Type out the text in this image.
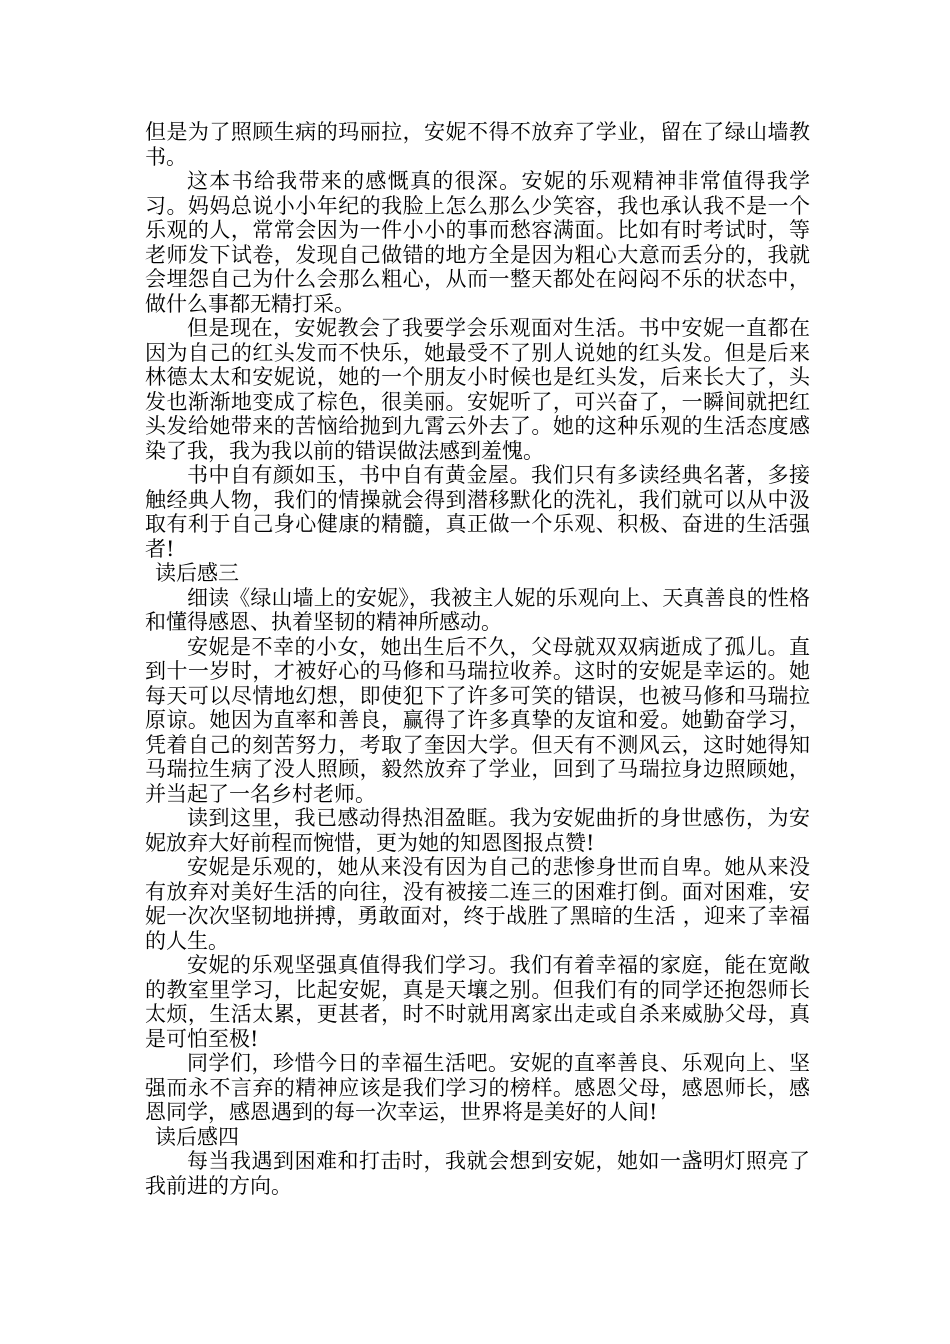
但是为了照顾生病的玛丽拉，安妮不得不放弃了学业，留在了绿山墙教书。

这本书给我带来的感慨真的很深。安妮的乐观精神非常值得我学习。妈妈总说小小年纪的我脸上怎么那么少笑容，我也承认我不是一个乐观的人，常常会因为一件小小的事而愁容满面。比如有时考试时，等老师发下试卷，发现自己做错的地方全是因为粗心大意而丢分的，我就会埋怨自己为什么会那么粗心，从而一整天都处在闷闷不乐的状态中，做什么事都无精打采。

但是现在，安妮教会了我要学会乐观面对生活。书中安妮一直都在因为自己的红头发而不快乐，她最受不了别人说她的红头发。但是后来林德太太和安妮说，她的一个朋友小时候也是红头发，后来长大了，头发也渐渐地变成了棕色，很美丽。安妮听了，可兴奋了，一瞬间就把红头发给她带来的苦恼给抛到九霄云外去了。她的这种乐观的生活态度感染了我，我为我以前的错误做法感到羞愧。

书中自有颜如玉，书中自有黄金屋。我们只有多读经典名著，多接触经典人物，我们的情操就会得到潜移默化的洗礼，我们就可以从中汲取有利于自己身心健康的精髓，真正做一个乐观、积极、奋进的生活强者!

读后感三

细读《绿山墙上的安妮》，我被主人妮的乐观向上、天真善良的性格和懂得感恩、执着坚韧的精神所感动。

安妮是不幸的小女，她出生后不久，父母就双双病逝成了孤儿。直到十一岁时，才被好心的马修和马瑞拉收养。这时的安妮是幸运的。她每天可以尽情地幻想，即使犯下了许多可笑的错误，也被马修和马瑞拉原谅。她因为直率和善良，赢得了许多真挚的友谊和爱。她勤奋学习，凭着自己的刻苦努力，考取了奎因大学。但天有不测风云，这时她得知马瑞拉生病了没人照顾，毅然放弃了学业，回到了马瑞拉身边照顾她，并当起了一名乡村老师。

读到这里，我已感动得热泪盈眶。我为安妮曲折的身世感伤，为安妮放弃大好前程而惋惜，更为她的知恩图报点赞!

安妮是乐观的，她从来没有因为自己的悲惨身世而自卑。她从来没有放弃对美好生活的向往，没有被接二连三的困难打倒。面对困难，安妮一次次坚韧地拼搏，勇敢面对，终于战胜了黑暗的生活 ，迎来了幸福的人生。

安妮的乐观坚强真值得我们学习。我们有着幸福的家庭，能在宽敞的教室里学习，比起安妮，真是天壤之别。但我们有的同学还抱怨师长太烦，生活太累，更甚者，时不时就用离家出走或自杀来威胁父母，真是可怕至极!

同学们，珍惜今日的幸福生活吧。安妮的直率善良、乐观向上、坚强而永不言弃的精神应该是我们学习的榜样。感恩父母，感恩师长，感恩同学，感恩遇到的每一次幸运，世界将是美好的人间!

读后感四

每当我遇到困难和打击时，我就会想到安妮，她如一盏明灯照亮了我前进的方向。
